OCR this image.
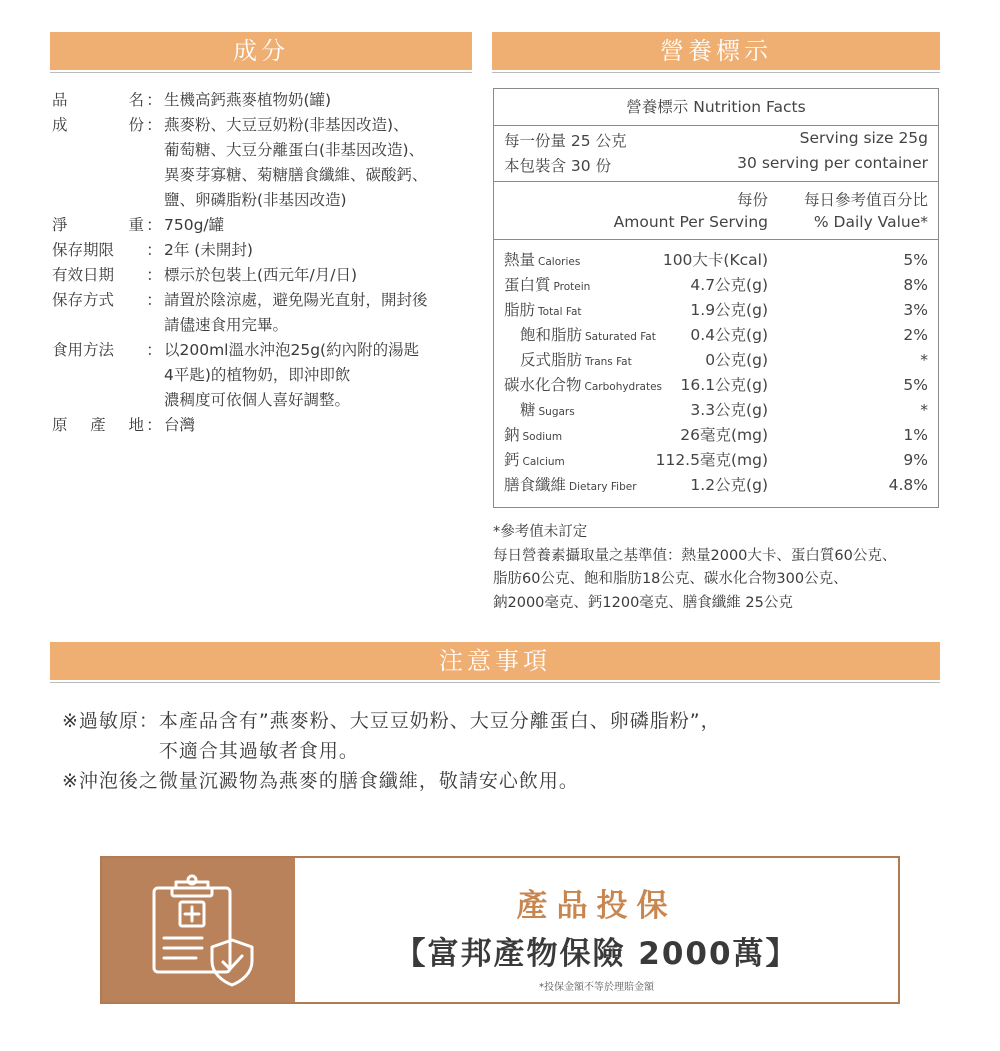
成分	營養標示
品	名 ： 生機高鈣燕麥植物奶(罐)
成	份 ： 燕麥粉、大豆豆奶粉(非基因改造)、
葡萄糖、大豆分離蛋白(非基因改造)、
異麥芽寡糖、菊糖膳食纖維、碳酸鈣、
鹽、卵磷脂粉(非基因改造)
淨	重 ： 750g/罐
保存期限 ： 2年 (未開封)
有效日期 ： 標示於包裝上(西元年/月/日)
保存方式 ： 請置於陰涼處，避免陽光直射，開封後
請儘速食用完畢。
食用方法 ： 以200ml溫水沖泡25g(約內附的湯匙
4平匙)的植物奶，即沖即飲
濃稠度可依個人喜好調整。
原 產 地 ： 台灣
營養標示 Nutrition Facts
每一份量 25 公克
本包裝含 30 份
Serving size 25g
30 serving per container
每份 每日參考值百分比
Amount Per Serving	% Daily Value*
熱量 Calories	100大卡(Kcal)	5%
蛋白質 Protein	4.7公克(g)	8%
脂肪 Total Fat	1.9公克(g)	3%
飽和脂肪 Saturated Fat 0.4公克(g)	2%
反式脂肪 Trans Fat	0公克(g)	*
碳水化合物 Carbohydrates 16.1公克(g)	5%
糖 Sugars	3.3公克(g)	*
鈉 Sodium	26毫克(mg)	1%
鈣 Calcium	112.5毫克(mg)	9%
膳食纖維 Dietary Fiber	1.2公克(g)	4.8%
*參考值未訂定
每日營養素攝取量之基準值：熱量2000大卡、蛋白質60公克、
脂肪60公克、飽和脂肪18公克、碳水化合物300公克、
鈉2000毫克、鈣1200毫克、膳食纖維 25公克
注意事項
※過敏原： 本產品含有”燕麥粉、大豆豆奶粉、大豆分離蛋白、卵磷脂粉”，
不適合其過敏者食用。
※沖泡後之微量沉澱物為燕麥的膳食纖維，敬請安心飲用。
產品投保
【富邦產物保險 2000萬】
*投保金額不等於理賠金額
